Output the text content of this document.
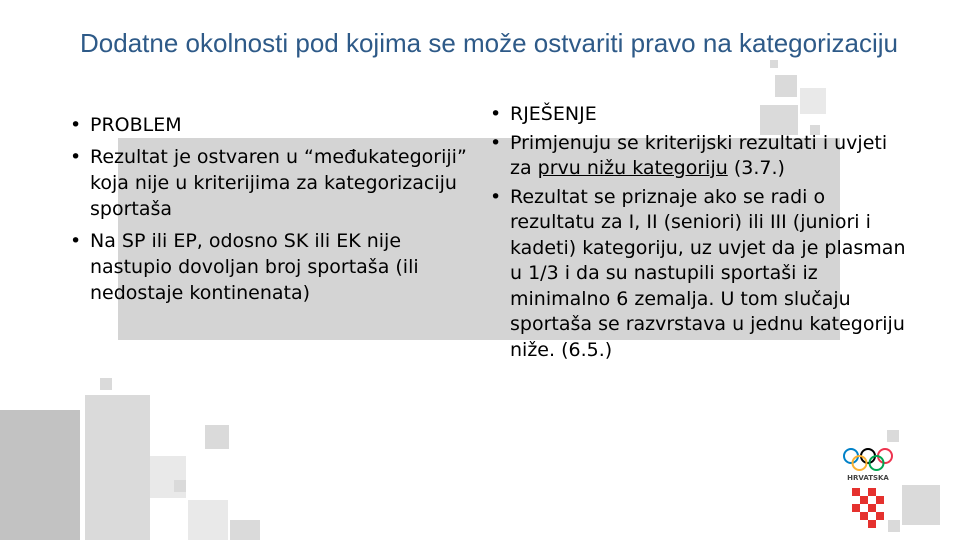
Dodatne okolnosti pod kojima se može ostvariti pravo na kategorizaciju
• PROBLEM
• Rezultat je ostvaren u “međukategoriji” koja nije u kriterijima za kategorizaciju sportaša
• Na SP ili EP, odosno SK ili EK nije nastupio dovoljan broj sportaša (ili nedostaje kontinenata)
• RJEŠENJE
• Primjenuju se kriterijski rezultati i uvjeti za prvu nižu kategoriju (3.7.)
• Rezultat se priznaje ako se radi o rezultatu za I, II (seniori) ili III (juniori i kadeti) kategoriju, uz uvjet da je plasman u 1/3 i da su nastupili sportaši iz minimalno 6 zemalja. U tom slučaju sportaša se razvrstava u jednu kategoriju niže. (6.5.)
HRVATSKA
